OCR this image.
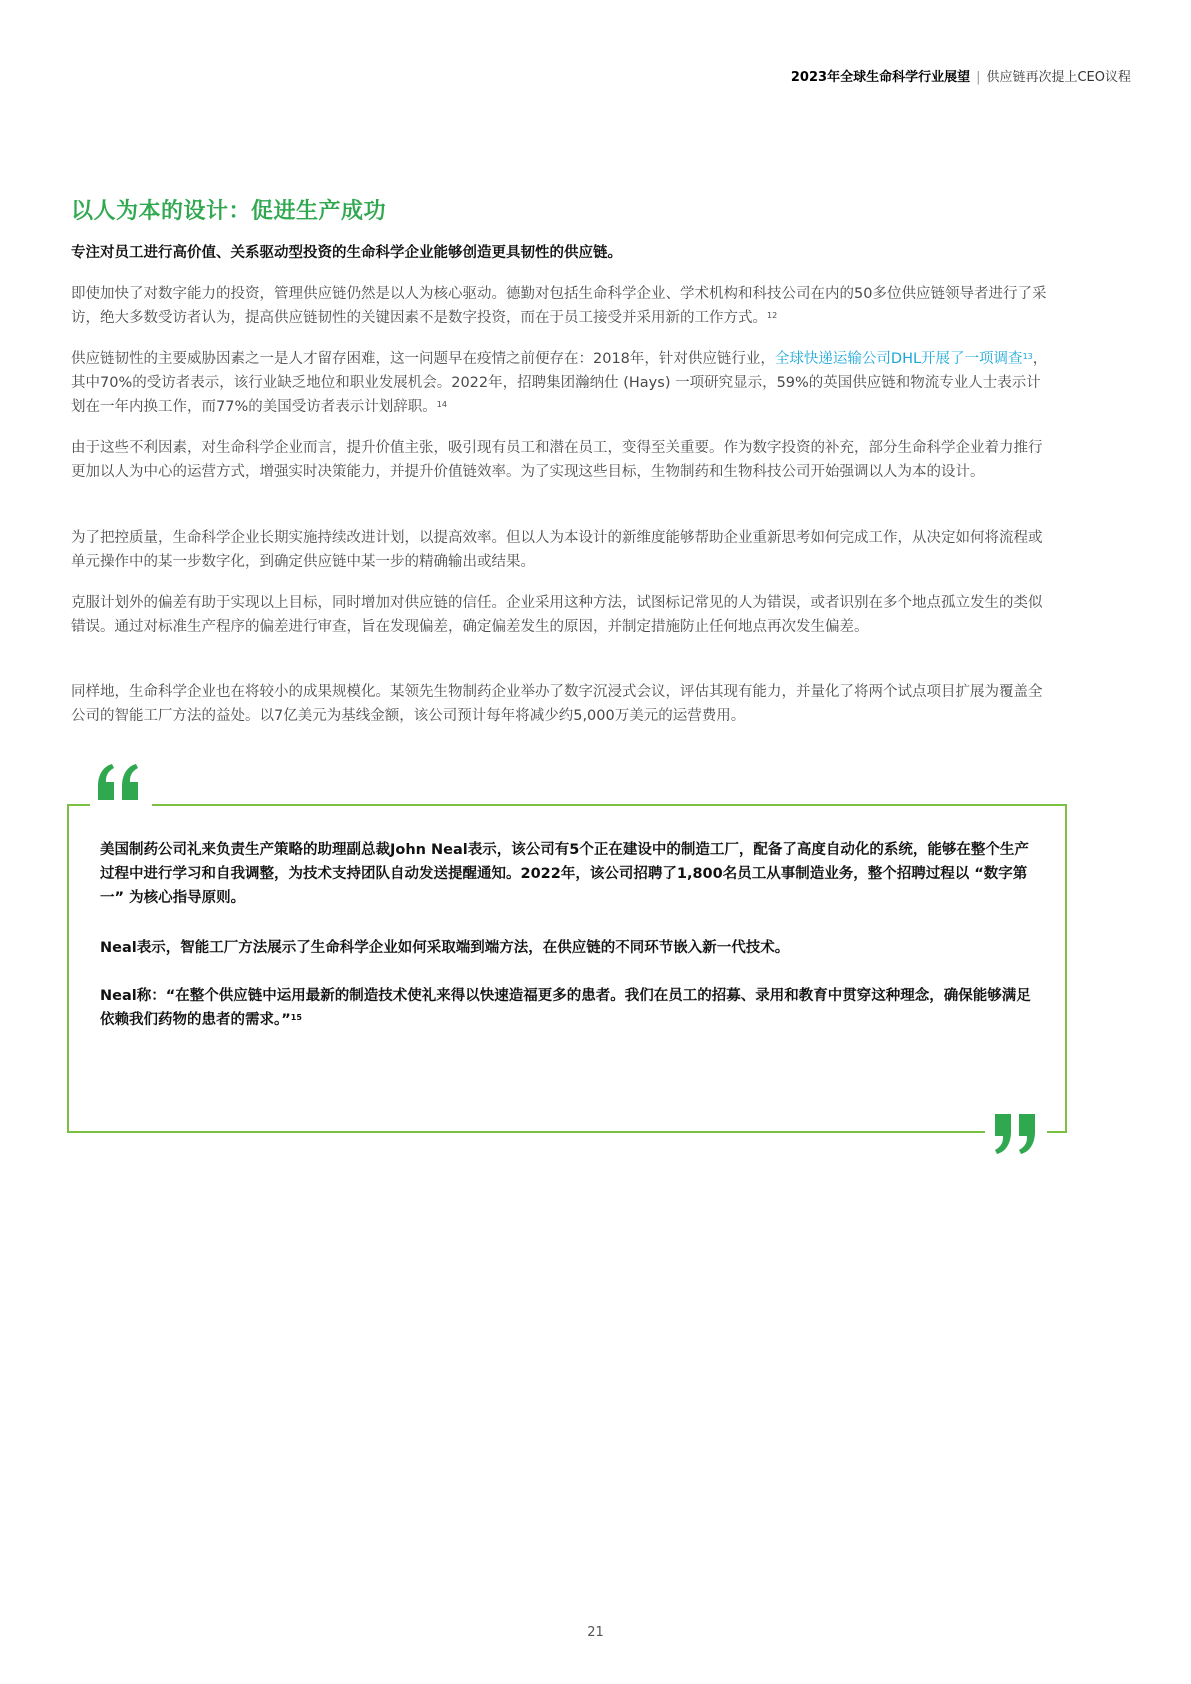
2023年全球生命科学行业展望 | 供应链再次提上CEO议程
以人为本的设计：促进生产成功

专注对员工进行高价值、关系驱动型投资的生命科学企业能够创造更具韧性的供应链。

即使加快了对数字能力的投资，管理供应链仍然是以人为核心驱动。德勤对包括生命科学企业、学术机构和科技公司在内的50多位供应链领导者进行了采访，绝大多数受访者认为，提高供应链韧性的关键因素不是数字投资，而在于员工接受并采用新的工作方式。$^{12}$

供应链韧性的主要威胁因素之一是人才留存困难，这一问题早在疫情之前便存在：2018年，针对供应链行业，全球快递运输公司DHL开展了一项调查$^{13}$，其中70%的受访者表示，该行业缺乏地位和职业发展机会。2022年，招聘集团瀚纳仕 (Hays) 一项研究显示，59%的英国供应链和物流专业人士表示计划在一年内换工作，而77%的美国受访者表示计划辞职。$^{14}$

由于这些不利因素，对生命科学企业而言，提升价值主张，吸引现有员工和潜在员工，变得至关重要。作为数字投资的补充，部分生命科学企业着力推行更加以人为中心的运营方式，增强实时决策能力，并提升价值链效率。为了实现这些目标，生物制药和生物科技公司开始强调以人为本的设计。

为了把控质量，生命科学企业长期实施持续改进计划，以提高效率。但以人为本设计的新维度能够帮助企业重新思考如何完成工作，从决定如何将流程或单元操作中的某一步数字化，到确定供应链中某一步的精确输出或结果。

克服计划外的偏差有助于实现以上目标，同时增加对供应链的信任。企业采用这种方法，试图标记常见的人为错误，或者识别在多个地点孤立发生的类似错误。通过对标准生产程序的偏差进行审查，旨在发现偏差，确定偏差发生的原因，并制定措施防止任何地点再次发生偏差。

同样地，生命科学企业也在将较小的成果规模化。某领先生物制药企业举办了数字沉浸式会议，评估其现有能力，并量化了将两个试点项目扩展为覆盖全公司的智能工厂方法的益处。以7亿美元为基线金额，该公司预计每年将减少约5,000万美元的运营费用。

美国制药公司礼来负责生产策略的助理副总裁John Neal表示，该公司有5个正在建设中的制造工厂，配备了高度自动化的系统，能够在整个生产过程中进行学习和自我调整，为技术支持团队自动发送提醒通知。2022年，该公司招聘了1,800名员工从事制造业务，整个招聘过程以 “数字第一” 为核心指导原则。

Neal表示，智能工厂方法展示了生命科学企业如何采取端到端方法，在供应链的不同环节嵌入新一代技术。

Neal称：“在整个供应链中运用最新的制造技术使礼来得以快速造福更多的患者。我们在员工的招募、录用和教育中贯穿这种理念，确保能够满足依赖我们药物的患者的需求。”$^{15}$

21
